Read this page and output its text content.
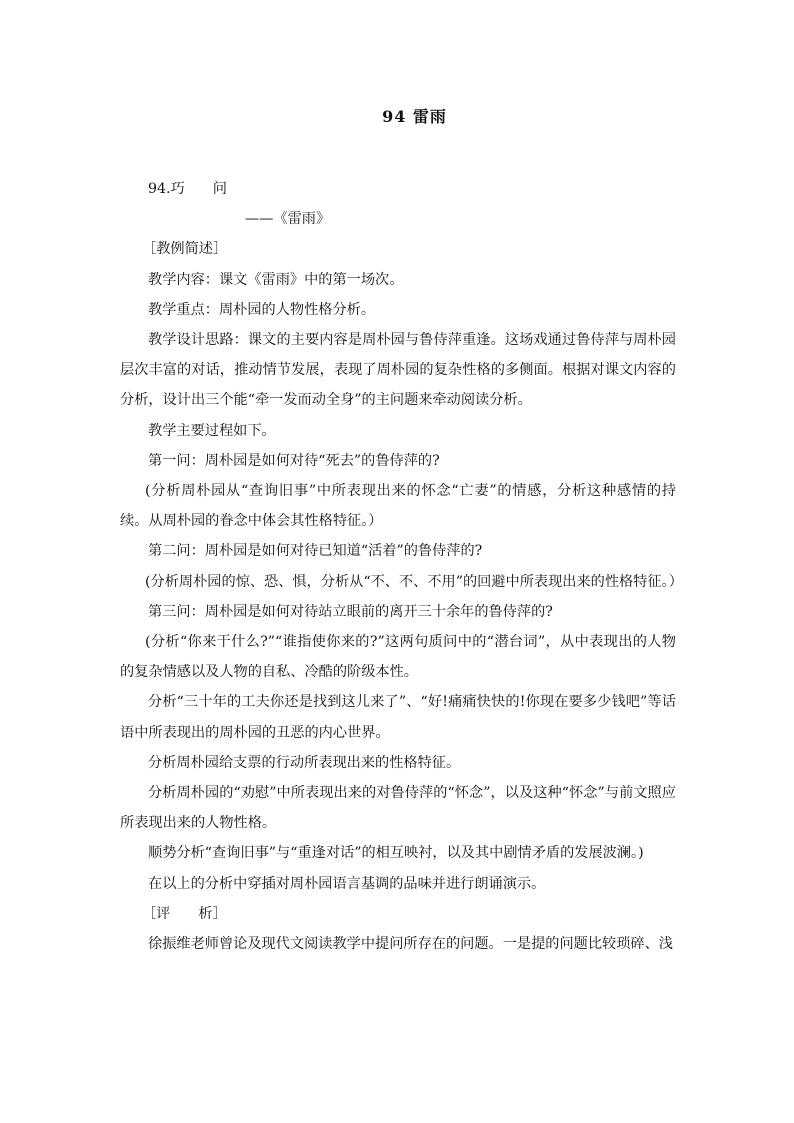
94 雷雨

94.巧 问

——《雷雨》

［教例简述］

教学内容：课文《雷雨》中的第一场次。

教学重点：周朴园的人物性格分析。

教学设计思路：课文的主要内容是周朴园与鲁侍萍重逢。这场戏通过鲁侍萍与周朴园层次丰富的对话，推动情节发展，表现了周朴园的复杂性格的多侧面。根据对课文内容的分析，设计出三个能“牵一发而动全身”的主问题来牵动阅读分析。

教学主要过程如下。

第一问：周朴园是如何对待“死去”的鲁侍萍的?

(分析周朴园从“查询旧事”中所表现出来的怀念“亡妻”的情感，分析这种感情的持续。从周朴园的眷念中体会其性格特征。）

第二问：周朴园是如何对待已知道“活着”的鲁侍萍的?

(分析周朴园的惊、恐、惧，分析从“不、不、不用”的回避中所表现出来的性格特征。）

第三问：周朴园是如何对待站立眼前的离开三十余年的鲁侍萍的?

(分析“你来干什么?”“谁指使你来的?”这两句质问中的“潜台词”，从中表现出的人物的复杂情感以及人物的自私、冷酷的阶级本性。

分析“三十年的工夫你还是找到这儿来了”、“好!痛痛快快的!你现在要多少钱吧”等话语中所表现出的周朴园的丑恶的内心世界。

分析周朴园给支票的行动所表现出来的性格特征。

分析周朴园的“劝慰”中所表现出来的对鲁侍萍的“怀念”，以及这种“怀念”与前文照应所表现出来的人物性格。

顺势分析“查询旧事”与“重逢对话”的相互映衬，以及其中剧情矛盾的发展波澜。)

在以上的分析中穿插对周朴园语言基调的品味并进行朗诵演示。

［评 析］

徐振维老师曾论及现代文阅读教学中提问所存在的问题。一是提的问题比较琐碎、浅
